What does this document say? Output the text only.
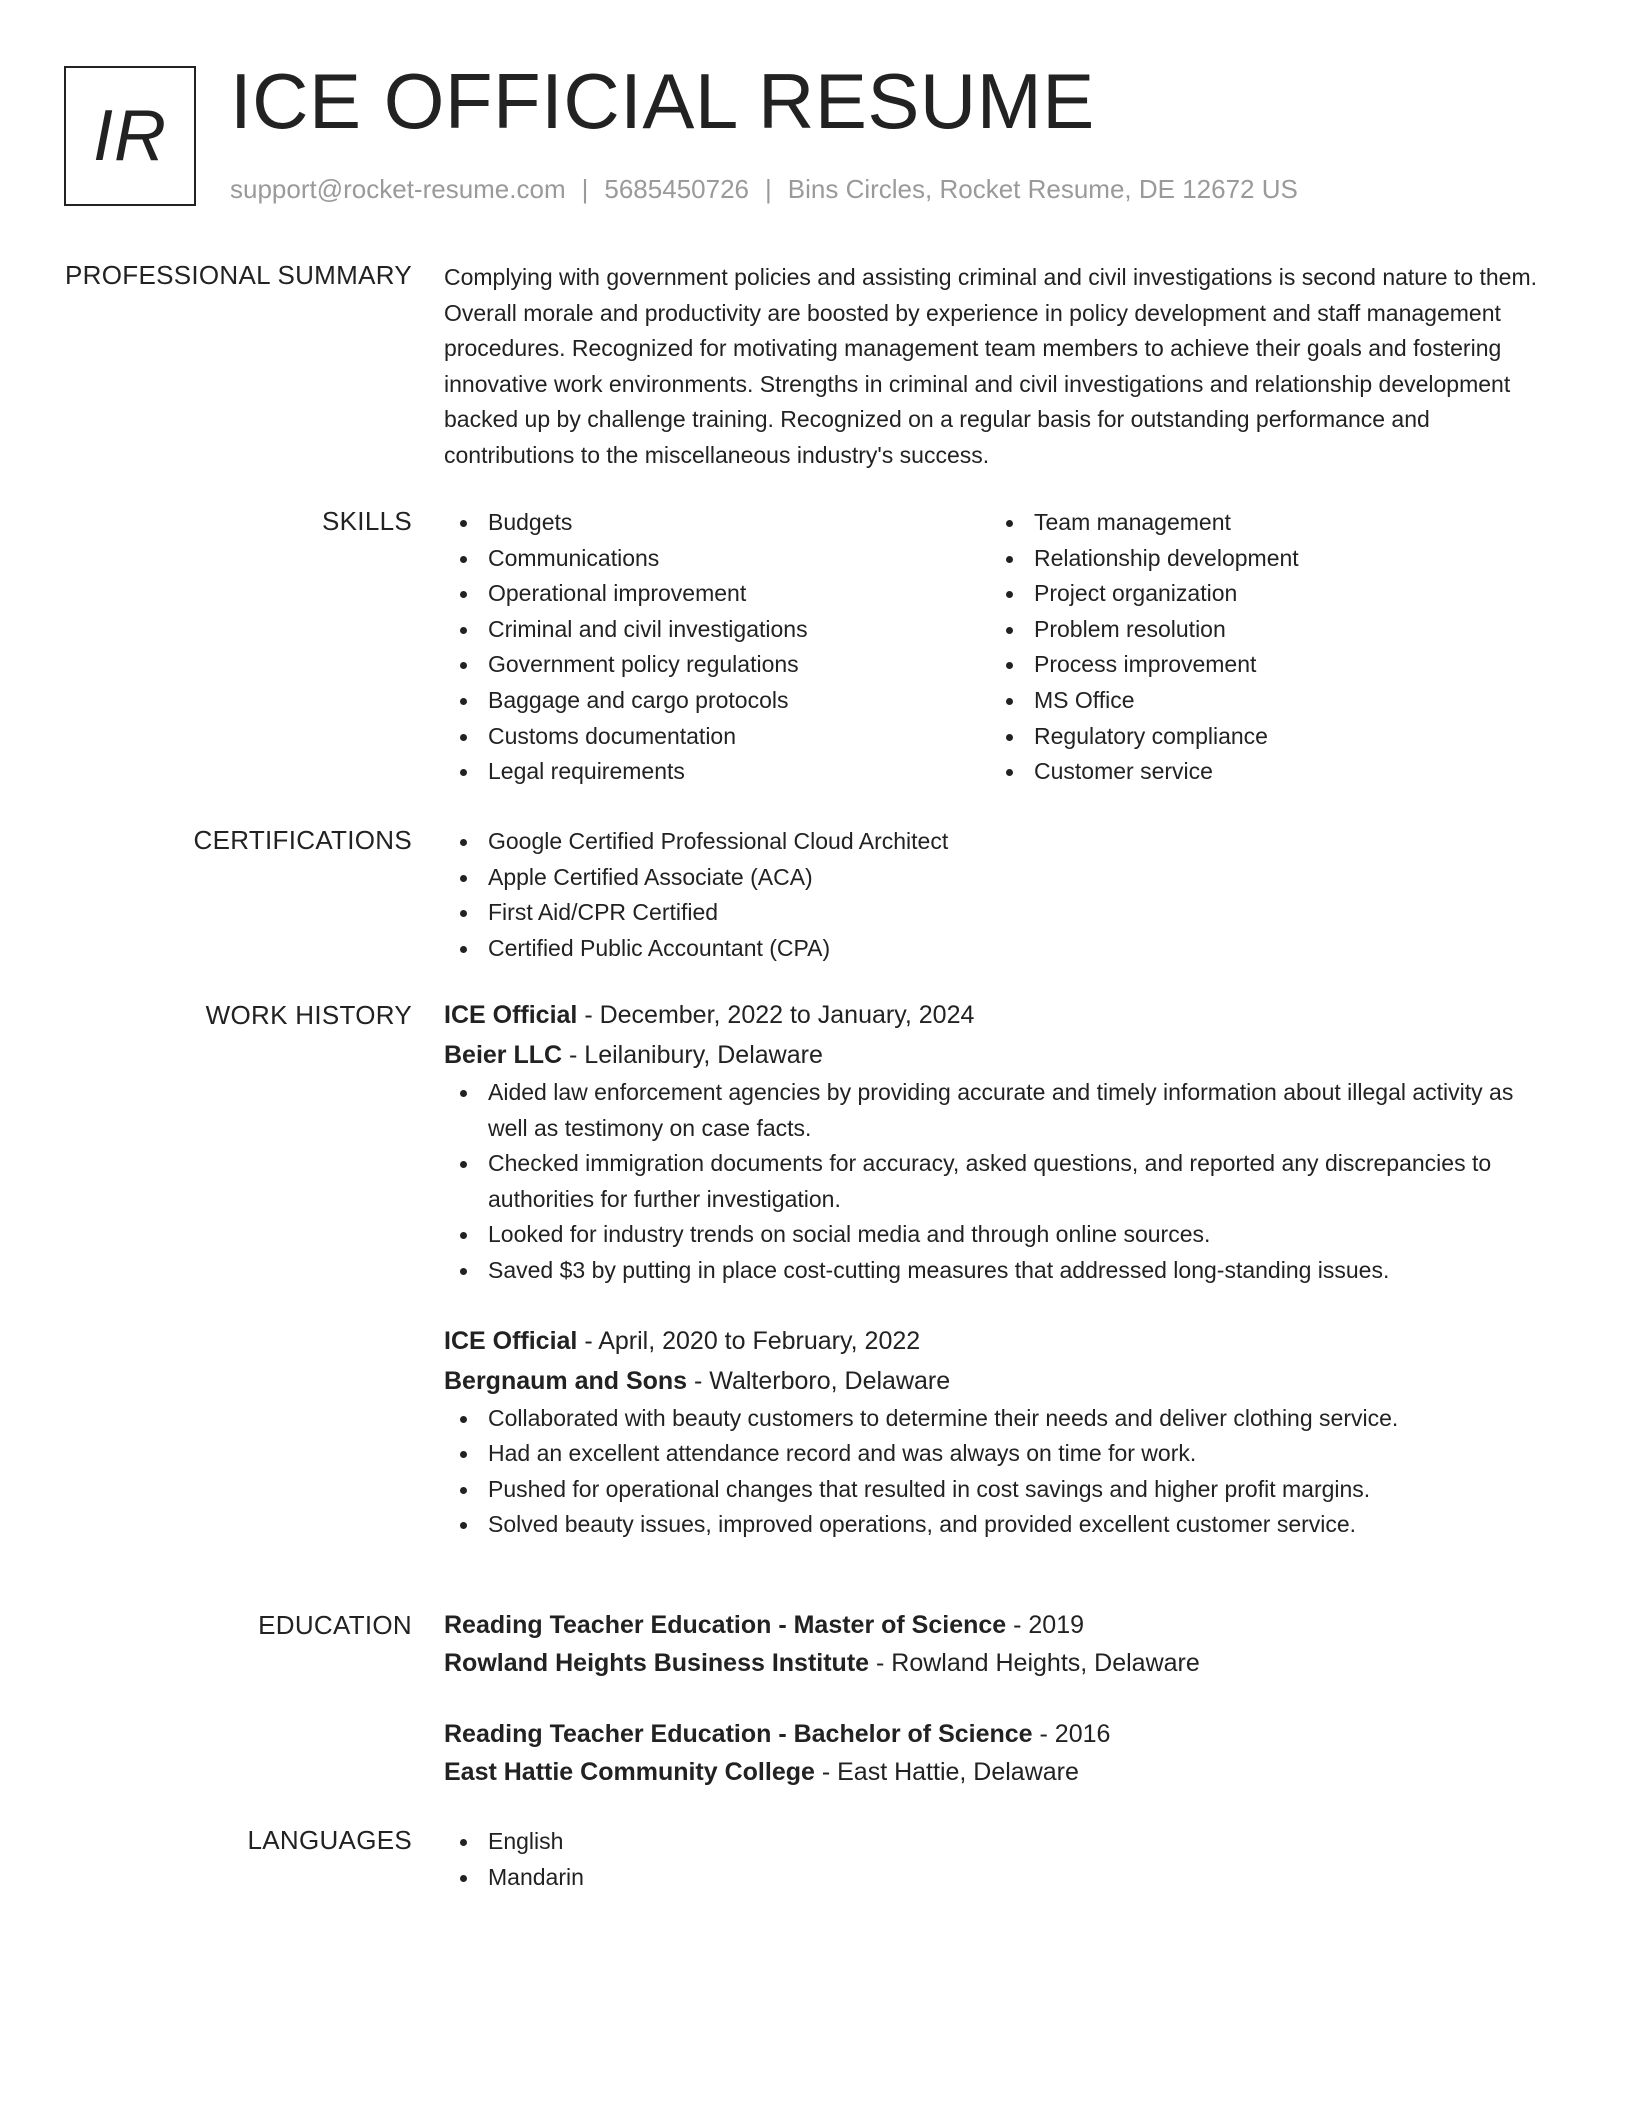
IR ICE OFFICIAL RESUME
support@rocket-resume.com | 5685450726 | Bins Circles, Rocket Resume, DE 12672 US
PROFESSIONAL SUMMARY Complying with government policies and assisting criminal and civil investigations is second nature to them. Overall morale and productivity are boosted by experience in policy development and staff management procedures. Recognized for motivating management team members to achieve their goals and fostering innovative work environments. Strengths in criminal and civil investigations and relationship development backed up by challenge training. Recognized on a regular basis for outstanding performance and contributions to the miscellaneous industry's success.

SKILLS	Budgets
Communications
Operational improvement
Criminal and civil investigations
Government policy regulations
Baggage and cargo protocols
Customs documentation
Legal requirements
Team management
Relationship development
Project organization
Problem resolution
Process improvement
MS Office
Regulatory compliance
Customer service
CERTIFICATIONS	Google Certified Professional Cloud Architect
Apple Certified Associate (ACA)
First Aid/CPR Certified
Certified Public Accountant (CPA)
WORK HISTORY ICE Official - December, 2022 to January, 2024
Beier LLC - Leilanibury, Delaware
Aided law enforcement agencies by providing accurate and timely information about illegal activity as well as testimony on case facts.
Checked immigration documents for accuracy, asked questions, and reported any discrepancies to authorities for further investigation.
Looked for industry trends on social media and through online sources.
Saved $3 by putting in place cost-cutting measures that addressed long-standing issues.
ICE Official - April, 2020 to February, 2022
Bergnaum and Sons - Walterboro, Delaware
Collaborated with beauty customers to determine their needs and deliver clothing service.
Had an excellent attendance record and was always on time for work.
Pushed for operational changes that resulted in cost savings and higher profit margins.
Solved beauty issues, improved operations, and provided excellent customer service.
EDUCATION Reading Teacher Education - Master of Science - 2019
Rowland Heights Business Institute - Rowland Heights, Delaware
Reading Teacher Education - Bachelor of Science - 2016
East Hattie Community College - East Hattie, Delaware
LANGUAGES	English
Mandarin
